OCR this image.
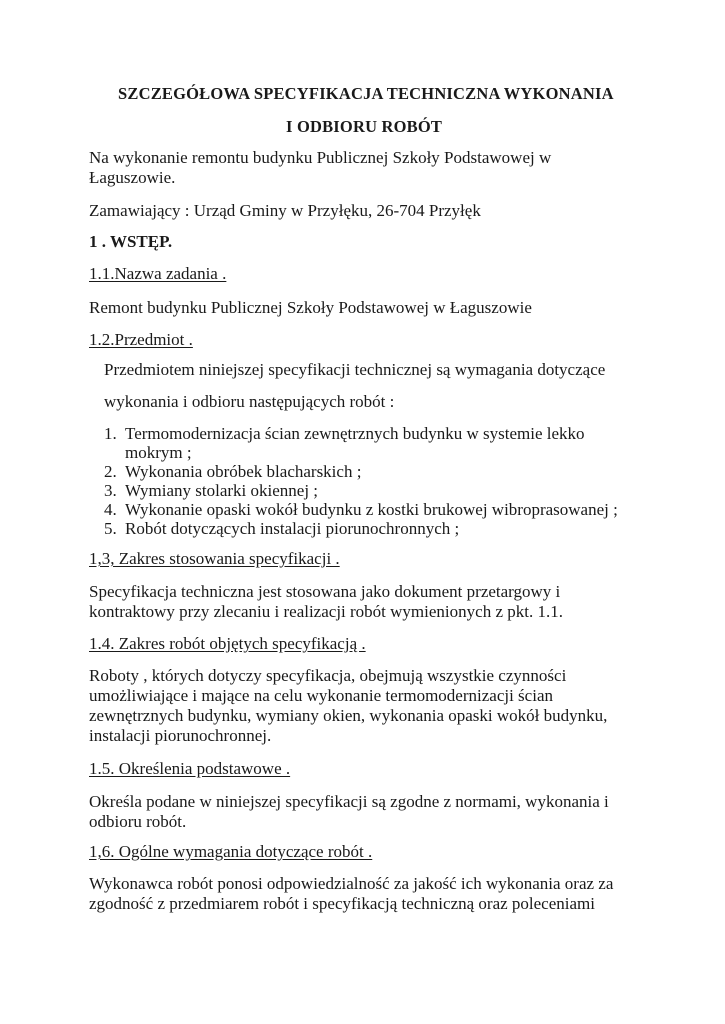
SZCZEGÓŁOWA SPECYFIKACJA TECHNICZNA WYKONANIA
I ODBIORU ROBÓT
Na wykonanie remontu budynku Publicznej Szkoły Podstawowej w
Łaguszowie.
Zamawiający : Urząd Gminy w Przyłęku, 26-704 Przyłęk
1 . WSTĘP.
1.1.Nazwa zadania .
Remont budynku Publicznej Szkoły Podstawowej w Łaguszowie
1.2.Przedmiot .
Przedmiotem niniejszej specyfikacji technicznej są wymagania dotyczące
wykonania i odbioru następujących robót :
1. Termomodernizacja ścian zewnętrznych budynku w systemie lekko
mokrym ;
2. Wykonania obróbek blacharskich ;
3. Wymiany stolarki okiennej ;
4. Wykonanie opaski wokół budynku z kostki brukowej wibroprasowanej ;
5. Robót dotyczących instalacji piorunochronnych ;
1,3, Zakres stosowania specyfikacji .
Specyfikacja techniczna jest stosowana jako dokument przetargowy i
kontraktowy przy zlecaniu i realizacji robót wymienionych z pkt. 1.1.
1.4. Zakres robót objętych specyfikacją .
Roboty , których dotyczy specyfikacja, obejmują wszystkie czynności
umożliwiające i mające na celu wykonanie termomodernizacji ścian
zewnętrznych budynku, wymiany okien, wykonania opaski wokół budynku,
instalacji piorunochronnej.
1.5. Określenia podstawowe .
Określa podane w niniejszej specyfikacji są zgodne z normami, wykonania i
odbioru robót.
1,6. Ogólne wymagania dotyczące robót .
Wykonawca robót ponosi odpowiedzialność za jakość ich wykonania oraz za
zgodność z przedmiarem robót i specyfikacją techniczną oraz poleceniami
